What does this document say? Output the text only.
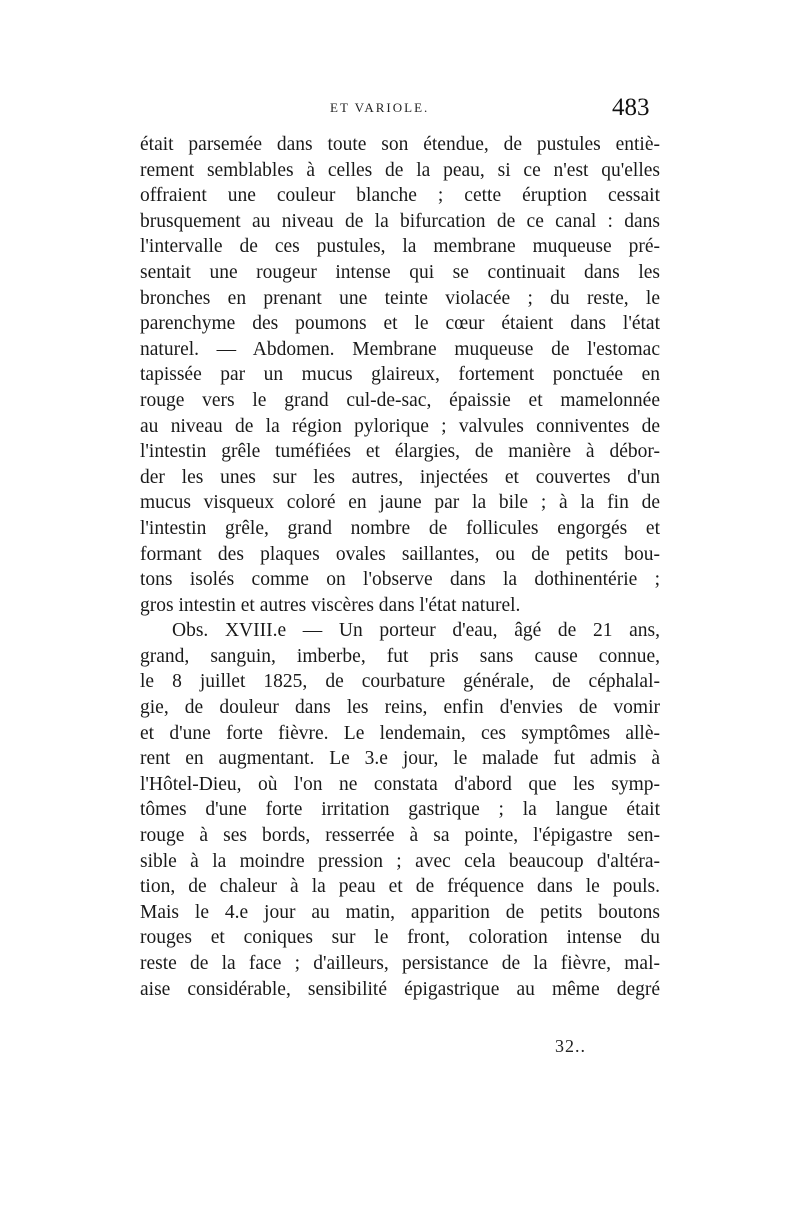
ET VARIOLE.	483
était parsemée dans toute son étendue, de pustules entiè-
rement semblables à celles de la peau, si ce n'est qu'elles
offraient une couleur blanche ; cette éruption cessait
brusquement au niveau de la bifurcation de ce canal : dans
l'intervalle de ces pustules, la membrane muqueuse pré-
sentait une rougeur intense qui se continuait dans les
bronches en prenant une teinte violacée ; du reste, le
parenchyme des poumons et le cœur étaient dans l'état
naturel. — Abdomen. Membrane muqueuse de l'estomac
tapissée par un mucus glaireux, fortement ponctuée en
rouge vers le grand cul-de-sac, épaissie et mamelonnée
au niveau de la région pylorique ; valvules conniventes de
l'intestin grêle tuméfiées et élargies, de manière à débor-
der les unes sur les autres, injectées et couvertes d'un
mucus visqueux coloré en jaune par la bile ; à la fin de
l'intestin grêle, grand nombre de follicules engorgés et
formant des plaques ovales saillantes, ou de petits bou-
tons isolés comme on l'observe dans la dothinentérie ;
gros intestin et autres viscères dans l'état naturel.
Obs. XVIII.e — Un porteur d'eau, âgé de 21 ans,
grand, sanguin, imberbe, fut pris sans cause connue,
le 8 juillet 1825, de courbature générale, de céphalal-
gie, de douleur dans les reins, enfin d'envies de vomir
et d'une forte fièvre. Le lendemain, ces symptômes allè-
rent en augmentant. Le 3.e jour, le malade fut admis à
l'Hôtel-Dieu, où l'on ne constata d'abord que les symp-
tômes d'une forte irritation gastrique ; la langue était
rouge à ses bords, resserrée à sa pointe, l'épigastre sen-
sible à la moindre pression ; avec cela beaucoup d'altéra-
tion, de chaleur à la peau et de fréquence dans le pouls.
Mais le 4.e jour au matin, apparition de petits boutons
rouges et coniques sur le front, coloration intense du
reste de la face ; d'ailleurs, persistance de la fièvre, mal-
aise considérable, sensibilité épigastrique au même degré
32..
